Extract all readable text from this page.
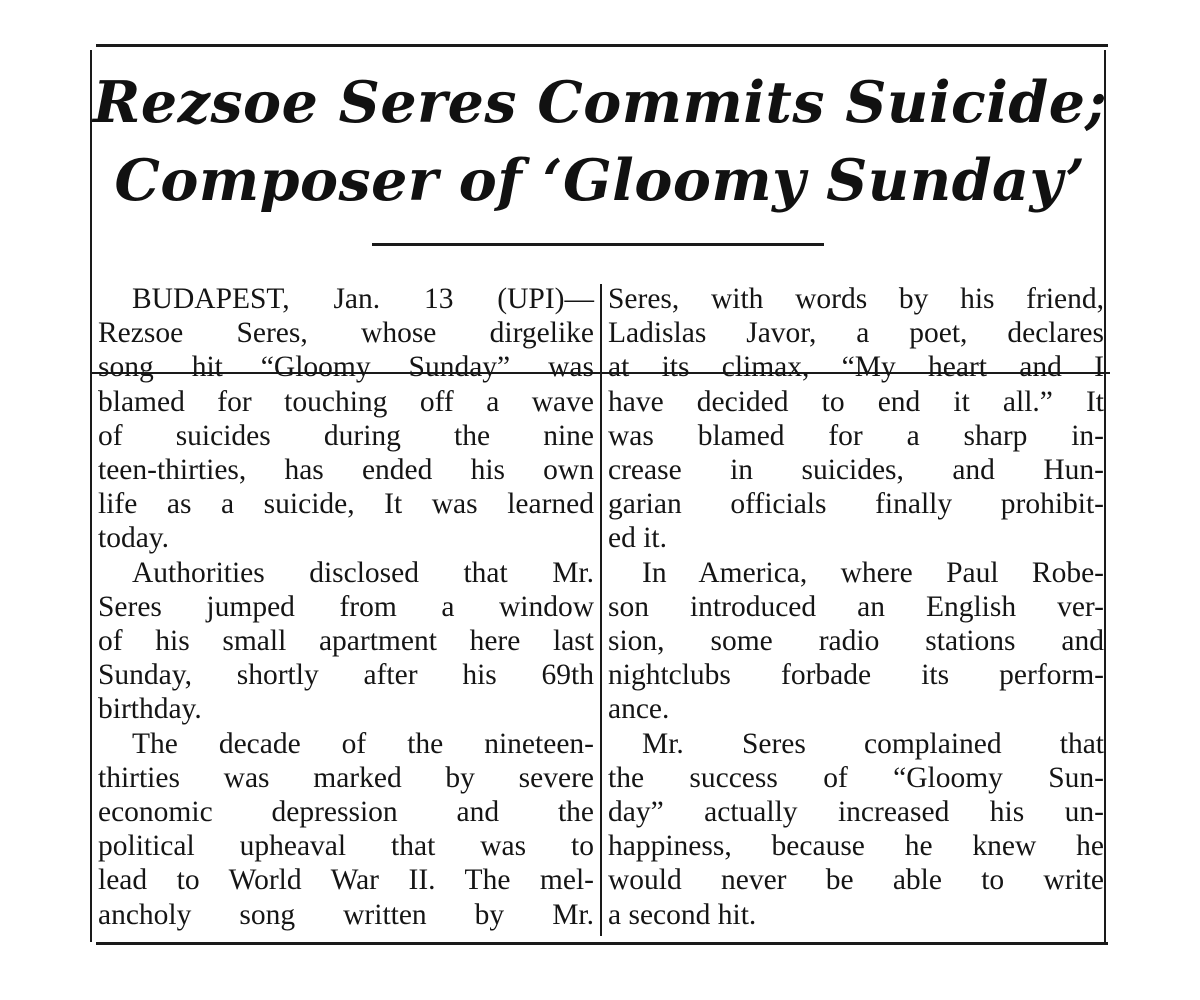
Rezsoe Seres Commits Suicide;
Composer of ‘Gloomy Sunday’

BUDAPEST, Jan. 13 (UPI)—
Rezsoe Seres, whose dirgelike
song hit “Gloomy Sunday” was
blamed for touching off a wave
of suicides during the nine
teen-thirties, has ended his own
life as a suicide, It was learned
today.

Authorities disclosed that Mr.
Seres jumped from a window
of his small apartment here last
Sunday, shortly after his 69th
birthday.

The decade of the nineteen-
thirties was marked by severe
economic depression and the
political upheaval that was to
lead to World War II. The mel-
ancholy song written by Mr.

Seres, with words by his friend,
Ladislas Javor, a poet, declares
at its climax, “My heart and I
have decided to end it all.” It
was blamed for a sharp in-
crease in suicides, and Hun-
garian officials finally prohibit-
ed it.

In America, where Paul Robe-
son introduced an English ver-
sion, some radio stations and
nightclubs forbade its perform-
ance.

Mr. Seres complained that
the success of “Gloomy Sun-
day” actually increased his un-
happiness, because he knew he
would never be able to write
a second hit.
